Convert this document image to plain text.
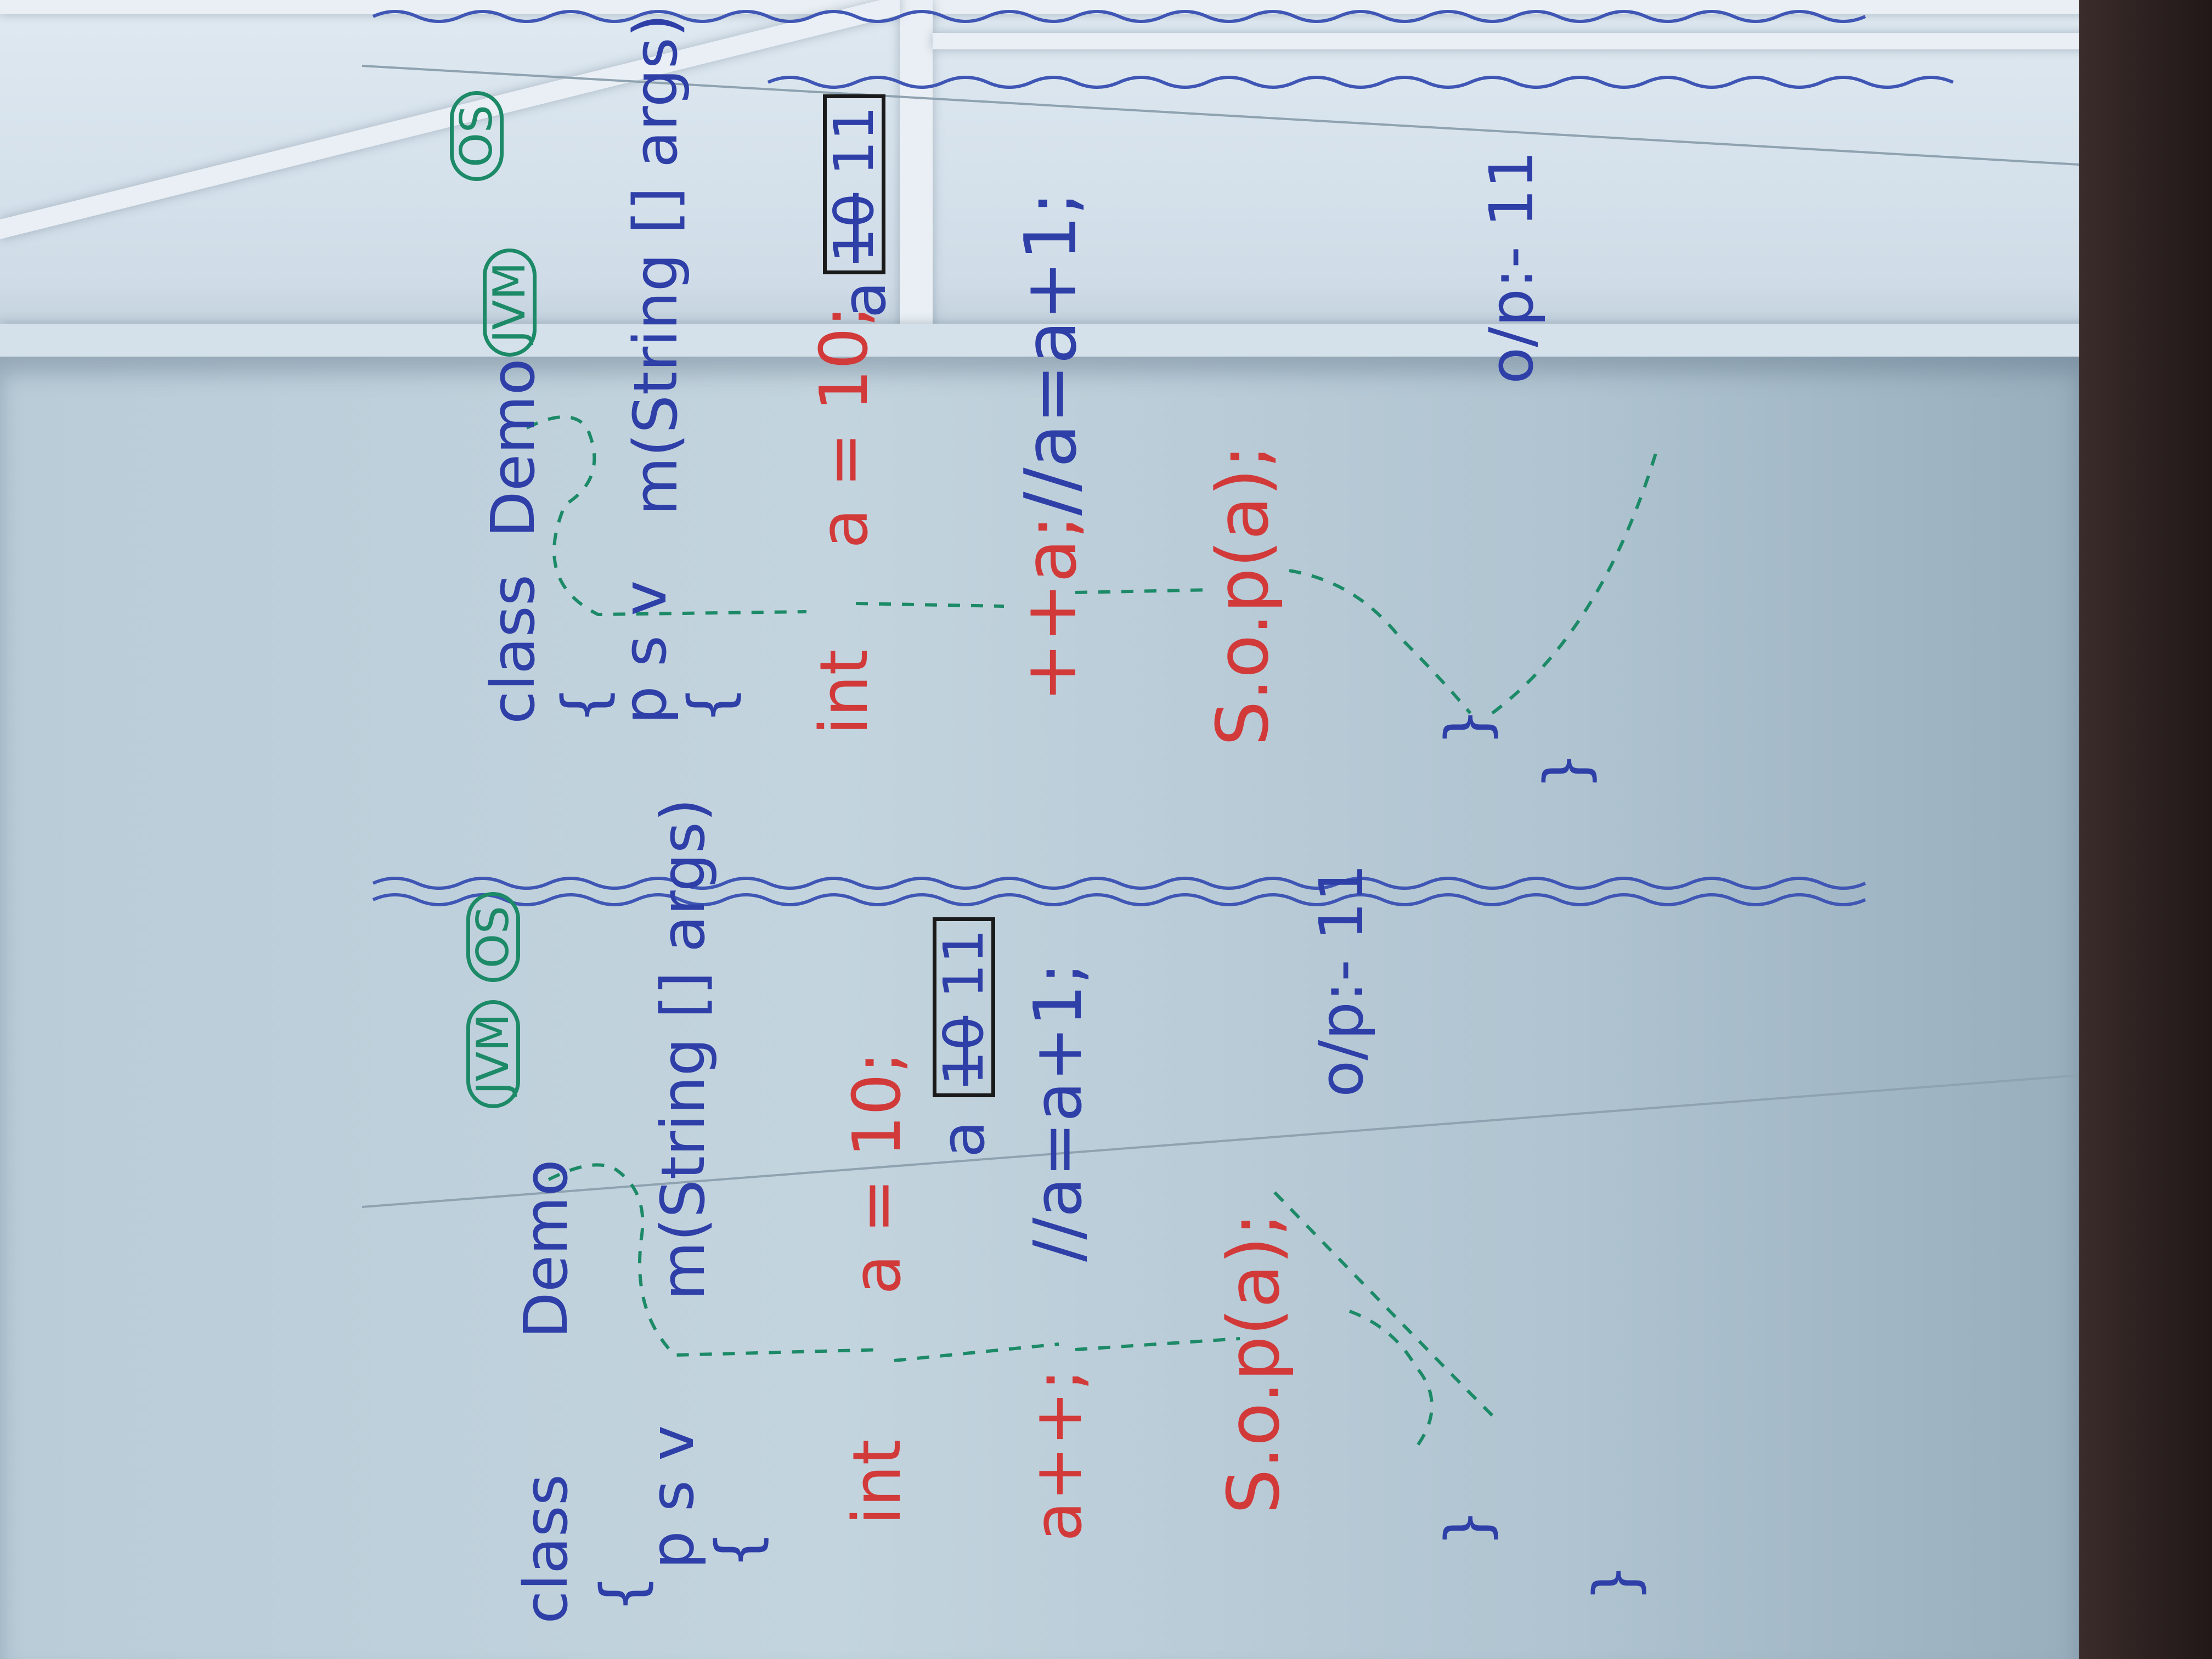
class
Demo
{
p s v
m(String [] args)
{
int
a = 10;
a++;
//a=a+1;
S.o.p(a);
}
}
a
10 11
JVM
OS	o/p:- 11
class
Demo
{
p s v
m(String [] args)
{ int
a = 10;
++a;
//a=a+1;
S.o.p(a); }
}
a
10 11
JVM
OS
o/p:- 11
